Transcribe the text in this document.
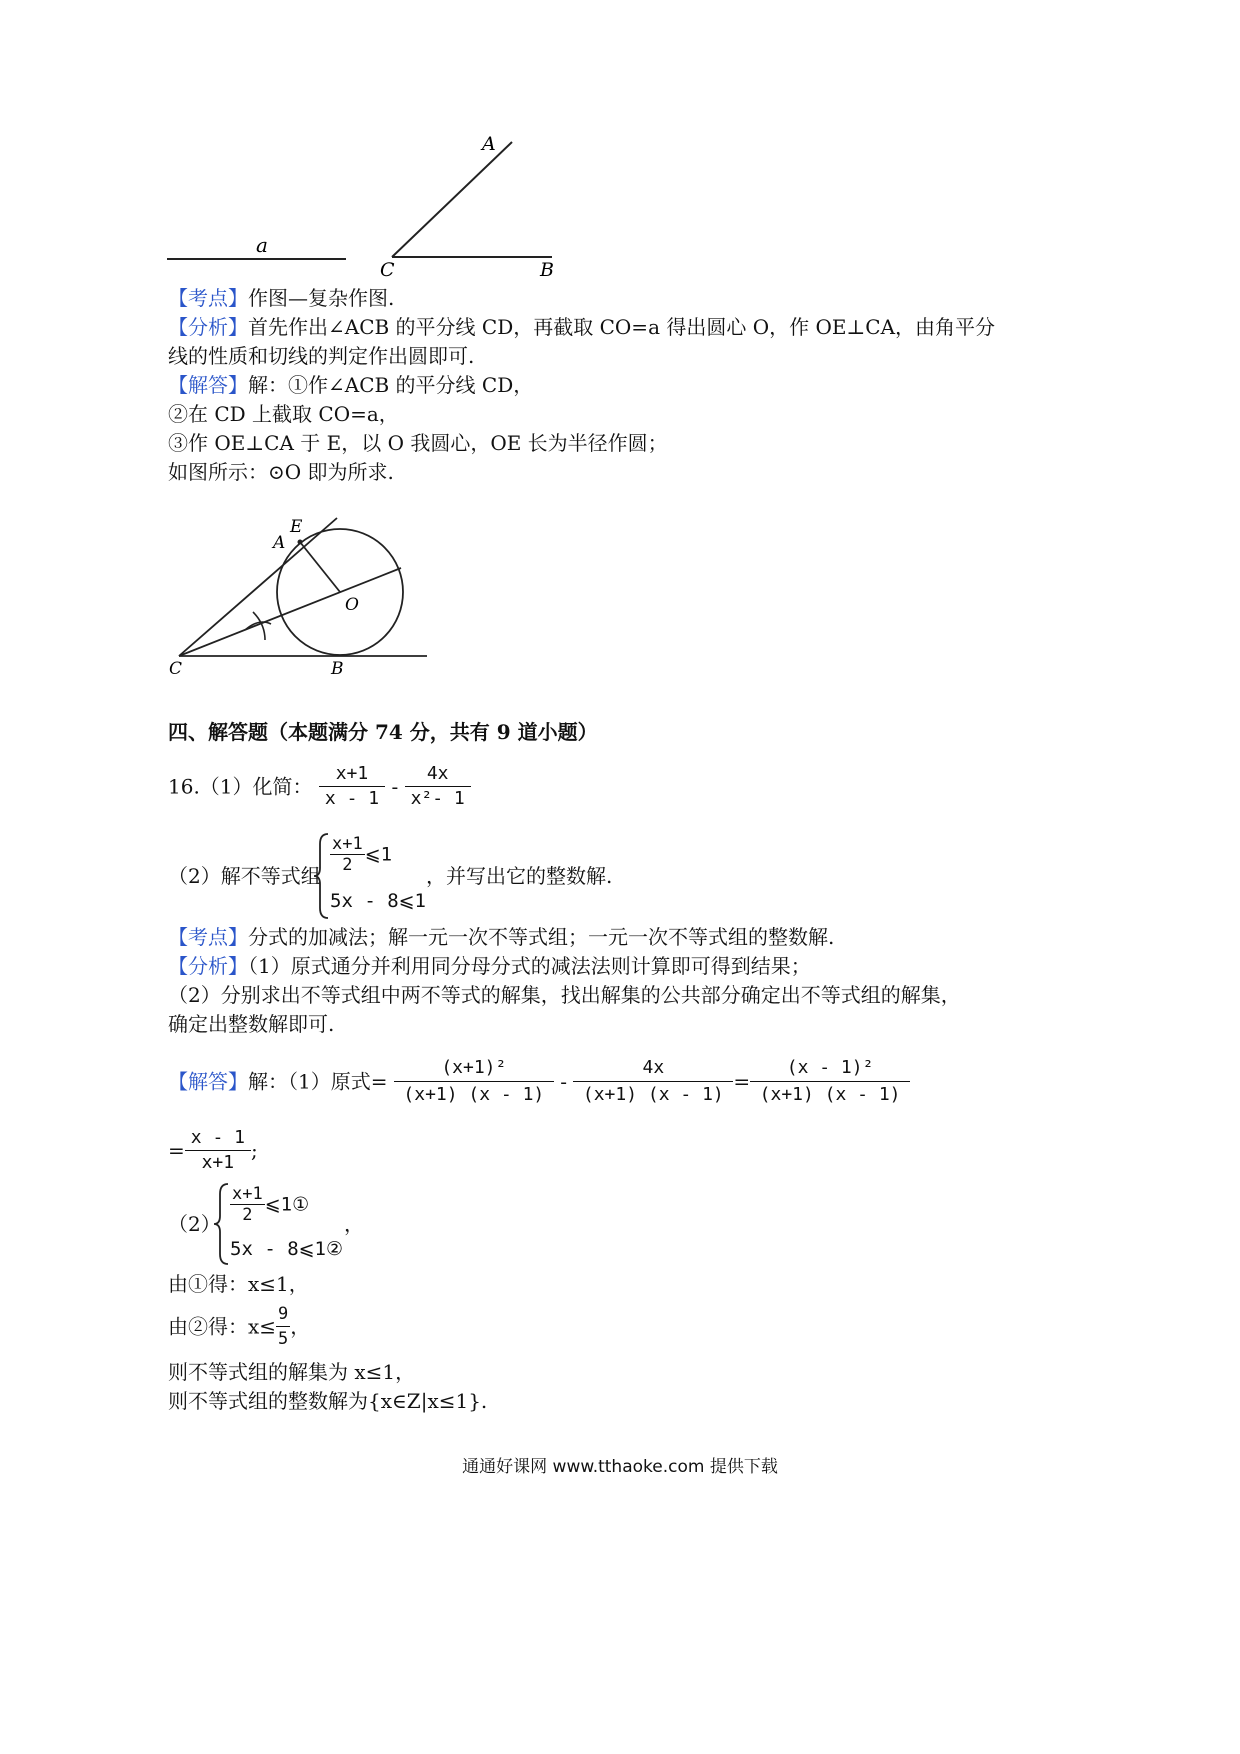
a
A
C	B
【考点】作图—复杂作图.
【分析】首先作出∠ACB 的平分线 CD，再截取 CO=a 得出圆心 O，作 OE⊥CA，由角平分
线的性质和切线的判定作出圆即可.
【解答】解：①作∠ACB 的平分线 CD，
②在 CD 上截取 CO=a，
③作 OE⊥CA 于 E，以 O 我圆心，OE 长为半径作圆；
如图所示：⊙O 即为所求.
E
A
O
C	B
四、解答题（本题满分 74 分，共有 9 道小题）
16.（1）化简： $\frac{x+1}{x - 1} - \frac{4x}{\text{x²- 1}}$
（2）解不等式组
$\frac{x+1}{2}$ ⩽1
5x - 8⩽1
，并写出它的整数解.
【考点】分式的加减法；解一元一次不等式组；一元一次不等式组的整数解.
【分析】（1）原式通分并利用同分母分式的减法法则计算即可得到结果；
（2）分别求出不等式组中两不等式的解集，找出解集的公共部分确定出不等式组的解集，
确定出整数解即可.
【解答】解：（1）原式= $\frac{\text{(x+1)²}}{(x+1) (x - 1)} - \frac{4x}{(x+1) (x - 1)} = \frac{\text{(x - 1)²}}{(x+1) (x - 1)}$
= $\frac{x - 1}{x+1}$ ;
$(2) \frac{x+1}{2}$ ⩽1①
5x - 8⩽1②
，
由①得：x≤1，
由②得：$x\le \frac{9}{5}$ ，
则不等式组的解集为 x≤1，
则不等式组的整数解为{x∈Z|x≤1}.
通通好课网 www.tthaoke.com 提供下载
